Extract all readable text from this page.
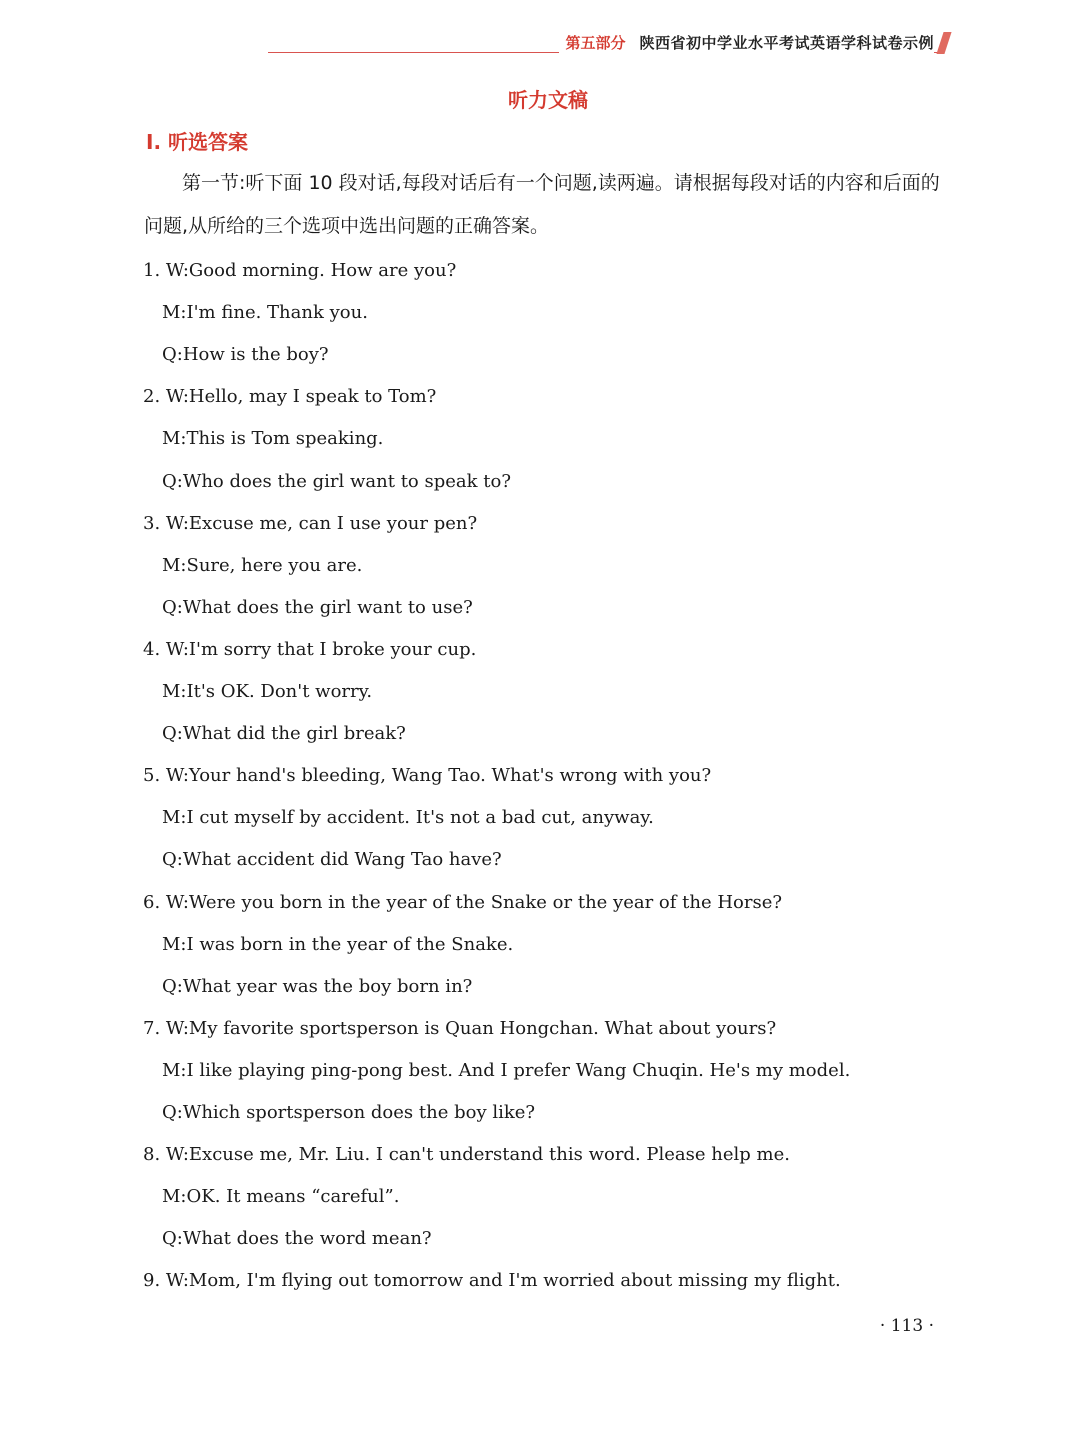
第五部分 陕西省初中学业水平考试英语学科试卷示例
听力文稿
Ⅰ. 听选答案
第一节:听下面 10 段对话,每段对话后有一个问题,读两遍。请根据每段对话的内容和后面的问题,从所给的三个选项中选出问题的正确答案。
1. W:Good morning. How are you?
M:I'm fine. Thank you.
Q:How is the boy?
2. W:Hello, may I speak to Tom?
M:This is Tom speaking.
Q:Who does the girl want to speak to?
3. W:Excuse me, can I use your pen?
M:Sure, here you are.
Q:What does the girl want to use?
4. W:I'm sorry that I broke your cup.
M:It's OK. Don't worry.
Q:What did the girl break?
5. W:Your hand's bleeding, Wang Tao. What's wrong with you?
M:I cut myself by accident. It's not a bad cut, anyway.
Q:What accident did Wang Tao have?
6. W:Were you born in the year of the Snake or the year of the Horse?
M:I was born in the year of the Snake.
Q:What year was the boy born in?
7. W:My favorite sportsperson is Quan Hongchan. What about yours?
M:I like playing ping-pong best. And I prefer Wang Chuqin. He's my model.
Q:Which sportsperson does the boy like?
8. W:Excuse me, Mr. Liu. I can't understand this word. Please help me.
M:OK. It means “careful”.
Q:What does the word mean?
9. W:Mom, I'm flying out tomorrow and I'm worried about missing my flight.
· 113 ·
